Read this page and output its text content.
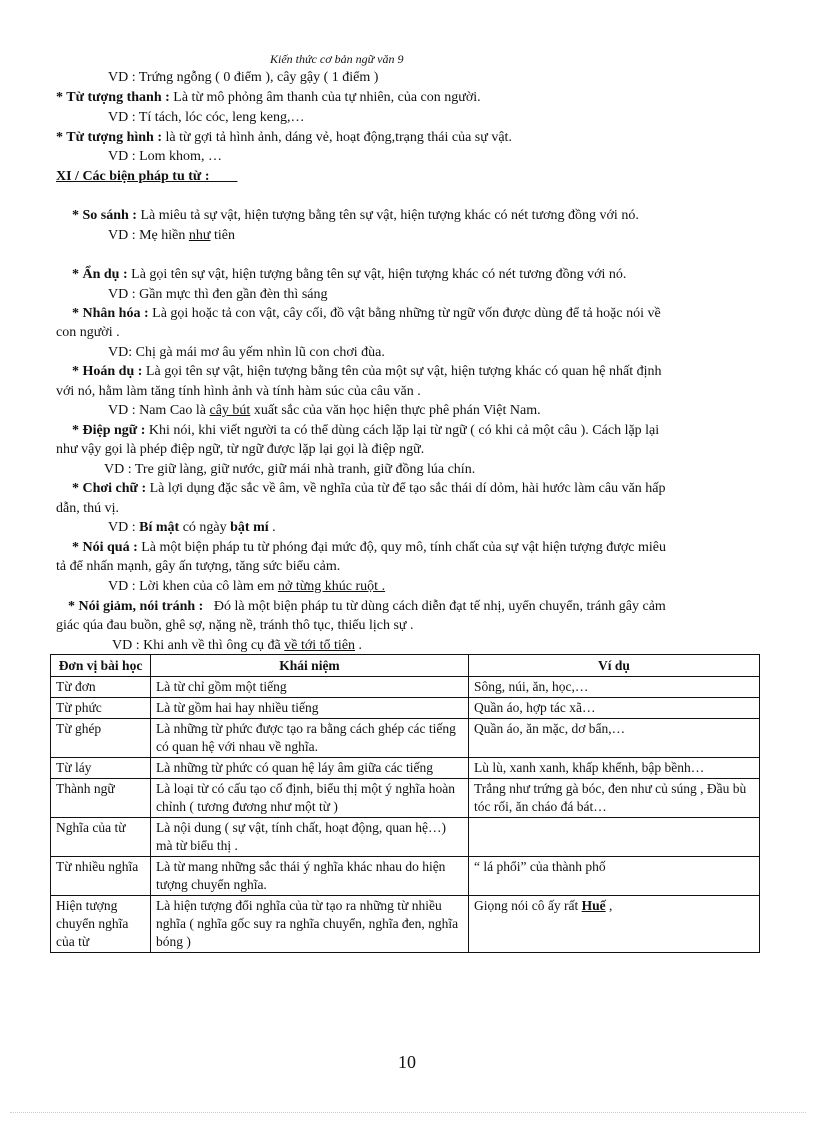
Kiến thức cơ bản ngữ văn 9
VD : Trứng ngỗng ( 0 điểm ), cây gậy ( 1 điểm )
* Từ tượng thanh : Là từ mô phỏng âm thanh của tự nhiên, của con người.
VD : Tí tách, lóc cóc, leng keng,…
* Từ tượng hình : là từ gợi tả hình ảnh, dáng vẻ, hoạt động,trạng thái của sự vật.
VD : Lom khom, …
XI / Các biện pháp tu từ :
* So sánh : Là miêu tả sự vật, hiện tượng bằng tên sự vật, hiện tượng khác có nét tương đồng với nó.
VD : Mẹ hiền như tiên
* Ẩn dụ : Là gọi tên sự vật, hiện tượng bằng tên sự vật, hiện tượng khác có nét tương đồng với nó.
VD : Gần mực thì đen gần đèn thì sáng
* Nhân hóa : Là gọi hoặc tả con vật, cây cối, đồ vật bằng những từ ngữ vốn được dùng để tả hoặc nói về
con người .
VD: Chị gà mái mơ âu yếm nhìn lũ con chơi đùa.
* Hoán dụ : Là gọi tên sự vật, hiện tượng bằng tên của một sự vật, hiện tượng khác có quan hệ nhất định
với nó, hằm làm tăng tính hình ảnh và tính hàm súc của câu văn .
VD : Nam Cao là cây bút xuất sắc của văn học hiện thực phê phán Việt Nam.
* Điệp ngữ : Khi nói, khi viết người ta có thể dùng cách lặp lại từ ngữ ( có khi cả một câu ). Cách lặp lại
như vậy gọi là phép điệp ngữ, từ ngữ được lặp lại gọi là điệp ngữ.
VD : Tre giữ làng, giữ nước, giữ mái nhà tranh, giữ đồng lúa chín.
* Chơi chữ : Là lợi dụng đặc sắc về âm, về nghĩa của từ để tạo sắc thái dí dỏm, hài hước làm câu văn hấp
dẫn, thú vị.
VD : Bí mật có ngày bật mí .
* Nói quá : Là một biện pháp tu từ phóng đại mức độ, quy mô, tính chất của sự vật hiện tượng được miêu
tả để nhấn mạnh, gây ấn tượng, tăng sức biểu cảm.
VD : Lời khen của cô làm em nở từng khúc ruột .
* Nói giảm, nói tránh : Đó là một biện pháp tu từ dùng cách diễn đạt tế nhị, uyển chuyển, tránh gây cảm
giác qúa đau buồn, ghê sợ, nặng nề, tránh thô tục, thiếu lịch sự .
VD : Khi anh về thì ông cụ đã về tới tổ tiên .
Đơn vị bài học	Khái niệm	Ví dụ
Từ đơn	Là từ chỉ gồm một tiếng	Sông, núi, ăn, học,…
Từ phức	Là từ gồm hai hay nhiều tiếng	Quần áo, hợp tác xã…
Từ ghép	Là những từ phức được tạo ra bằng cách ghép các tiếng có quan hệ với nhau về nghĩa.	Quần áo, ăn mặc, dơ bẩn,…
Từ láy	Là những từ phức có quan hệ láy âm giữa các tiếng	Lù lù, xanh xanh, khấp khểnh, bập bềnh…
Thành ngữ	Là loại từ có cấu tạo cố định, biểu thị một ý nghĩa hoàn chỉnh ( tương đương như một từ )	Trắng như trứng gà bóc, đen như củ súng , Đầu bù tóc rối, ăn cháo đá bát…
Nghĩa của từ	Là nội dung ( sự vật, tính chất, hoạt động, quan hệ…) mà từ biểu thị .	
Từ nhiều nghĩa	Là từ mang những sắc thái ý nghĩa khác nhau do hiện tượng chuyển nghĩa.	“ lá phổi” của thành phố
Hiện tượng chuyển nghĩa của từ	Là hiện tượng đổi nghĩa của từ tạo ra những từ nhiều nghĩa ( nghĩa gốc suy ra nghĩa chuyển, nghĩa đen, nghĩa bóng )	Giọng nói cô ấy rất Huế ,
10
